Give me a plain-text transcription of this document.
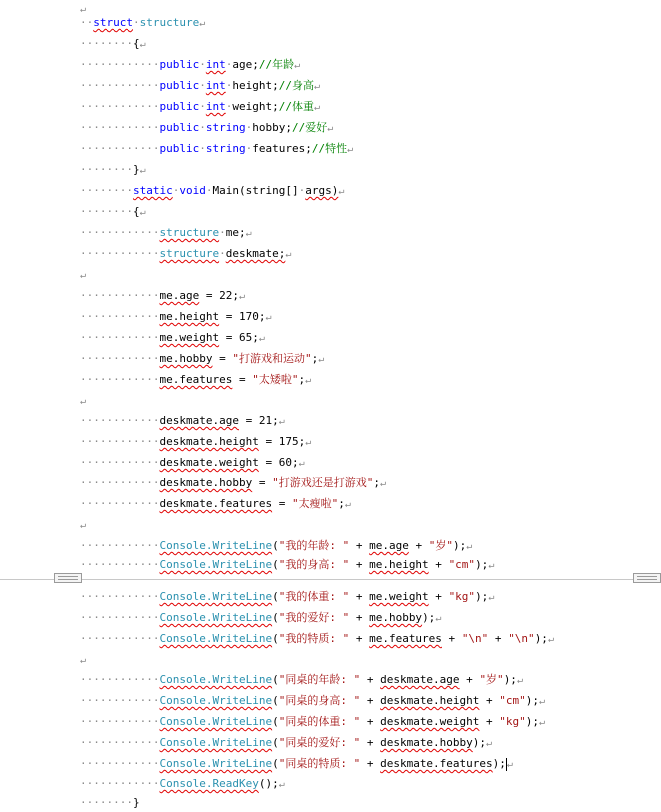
↵
··struct·structure↵
········{↵
············public·int·age;//年龄↵
············public·int·height;//身高↵
············public·int·weight;//体重↵
············public·string·hobby;//爱好↵
············public·string·features;//特性↵
········}↵
········static·void·Main(string[]·args)↵
········{↵
············structure·me;↵
············structure·deskmate;↵
↵
············me.age = 22;↵
············me.height = 170;↵
············me.weight = 65;↵
············me.hobby = "打游戏和运动";↵
············me.features = "太矮啦";↵
↵
············deskmate.age = 21;↵
············deskmate.height = 175;↵
············deskmate.weight = 60;↵
············deskmate.hobby = "打游戏还是打游戏";↵
············deskmate.features = "太瘦啦";↵
↵
············Console.WriteLine("我的年龄: " + me.age + "岁");↵
············Console.WriteLine("我的身高: " + me.height + "cm");↵
············Console.WriteLine("我的体重: " + me.weight + "kg");↵
············Console.WriteLine("我的爱好: " + me.hobby);↵
············Console.WriteLine("我的特质: " + me.features + "\n" + "\n");↵
↵
············Console.WriteLine("同桌的年龄: " + deskmate.age + "岁");↵
············Console.WriteLine("同桌的身高: " + deskmate.height + "cm");↵
············Console.WriteLine("同桌的体重: " + deskmate.weight + "kg");↵
············Console.WriteLine("同桌的爱好: " + deskmate.hobby);↵
············Console.WriteLine("同桌的特质: " + deskmate.features);↵
············Console.ReadKey();↵
········}
